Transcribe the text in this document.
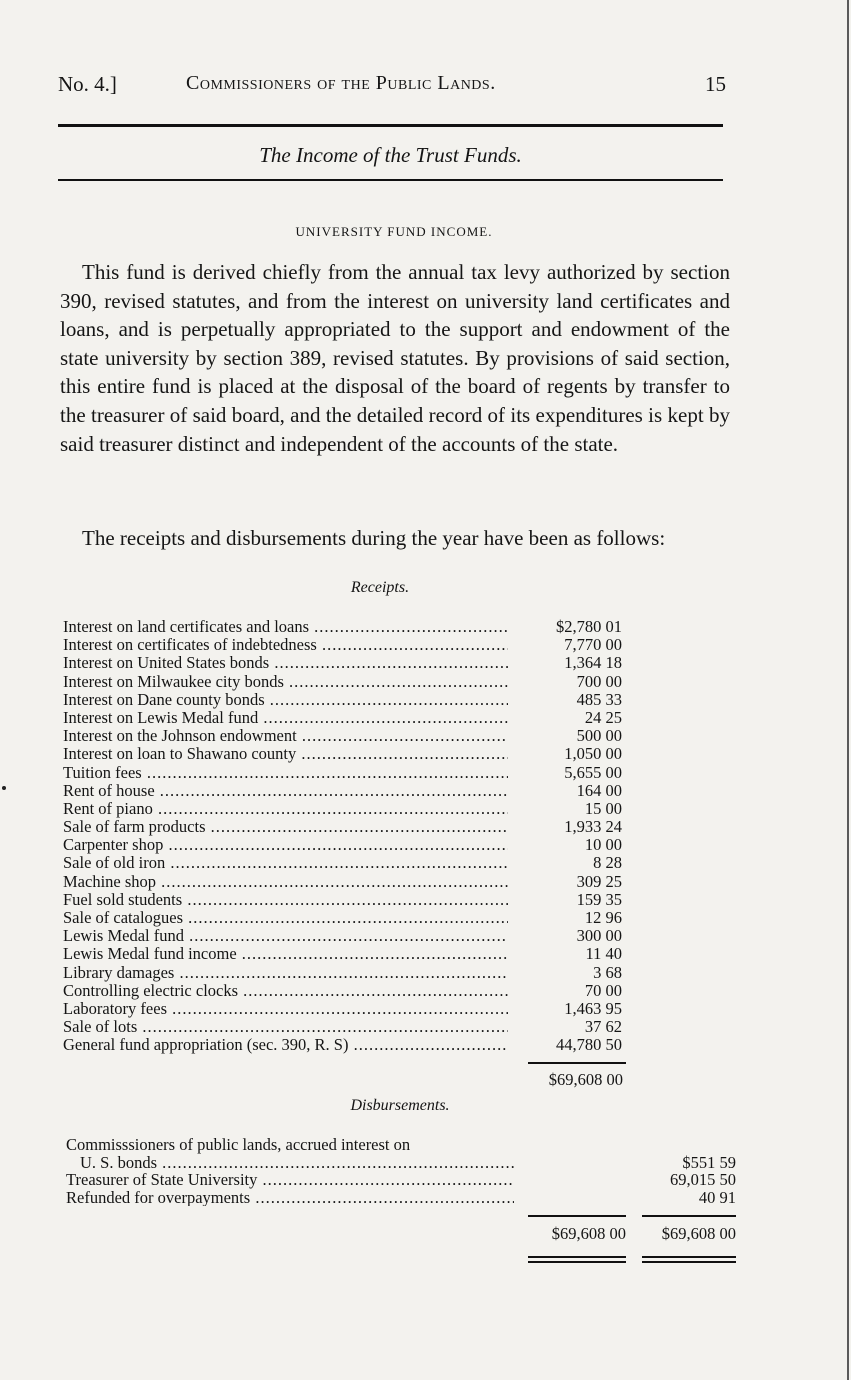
No. 4.]	Commissioners of the Public Lands.	15
The Income of the Trust Funds.
UNIVERSITY FUND INCOME.

This fund is derived chiefly from the annual tax levy authorized by section 390, revised statutes, and from the interest on university land certificates and loans, and is perpetually appropriated to the support and endowment of the state university by section 389, revised statutes. By provisions of said section, this entire fund is placed at the disposal of the board of regents by transfer to the treasurer of said board, and the detailed record of its expenditures is kept by said treasurer distinct and independent of the accounts of the state.

The receipts and disbursements during the year have been as follows:

Receipts.
Interest on land certificates and loans .....	$2,780 01
Interest on certificates of indebtedness .....	7,770 00
Interest on United States bonds .....	1,364 18
Interest on Milwaukee city bonds .....	700 00
Interest on Dane county bonds .....	485 33
Interest on Lewis Medal fund .....	24 25
Interest on the Johnson endowment .....	500 00
Interest on loan to Shawano county .....	1,050 00
Tuition fees .....	5,655 00
Rent of house .....	164 00
Rent of piano .....	15 00
Sale of farm products .....	1,933 24
Carpenter shop .....	10 00
Sale of old iron .....	8 28
Machine shop .....	309 25
Fuel sold students .....	159 35
Sale of catalogues .....	12 96
Lewis Medal fund .....	300 00
Lewis Medal fund income .....	11 40
Library damages .....	3 68
Controlling electric clocks .....	70 00
Laboratory fees .....	1,463 95
Sale of lots .....	37 62
General fund appropriation (sec. 390, R. S) .....	44,780 50
$69,608 00
Disbursements.
Commisssioners of public lands, accrued interest on
U. S. bonds .....	$551 59
Treasurer of State University .....	69,015 50
Refunded for overpayments .....	40 91
$69,608 00	$69,608 00
